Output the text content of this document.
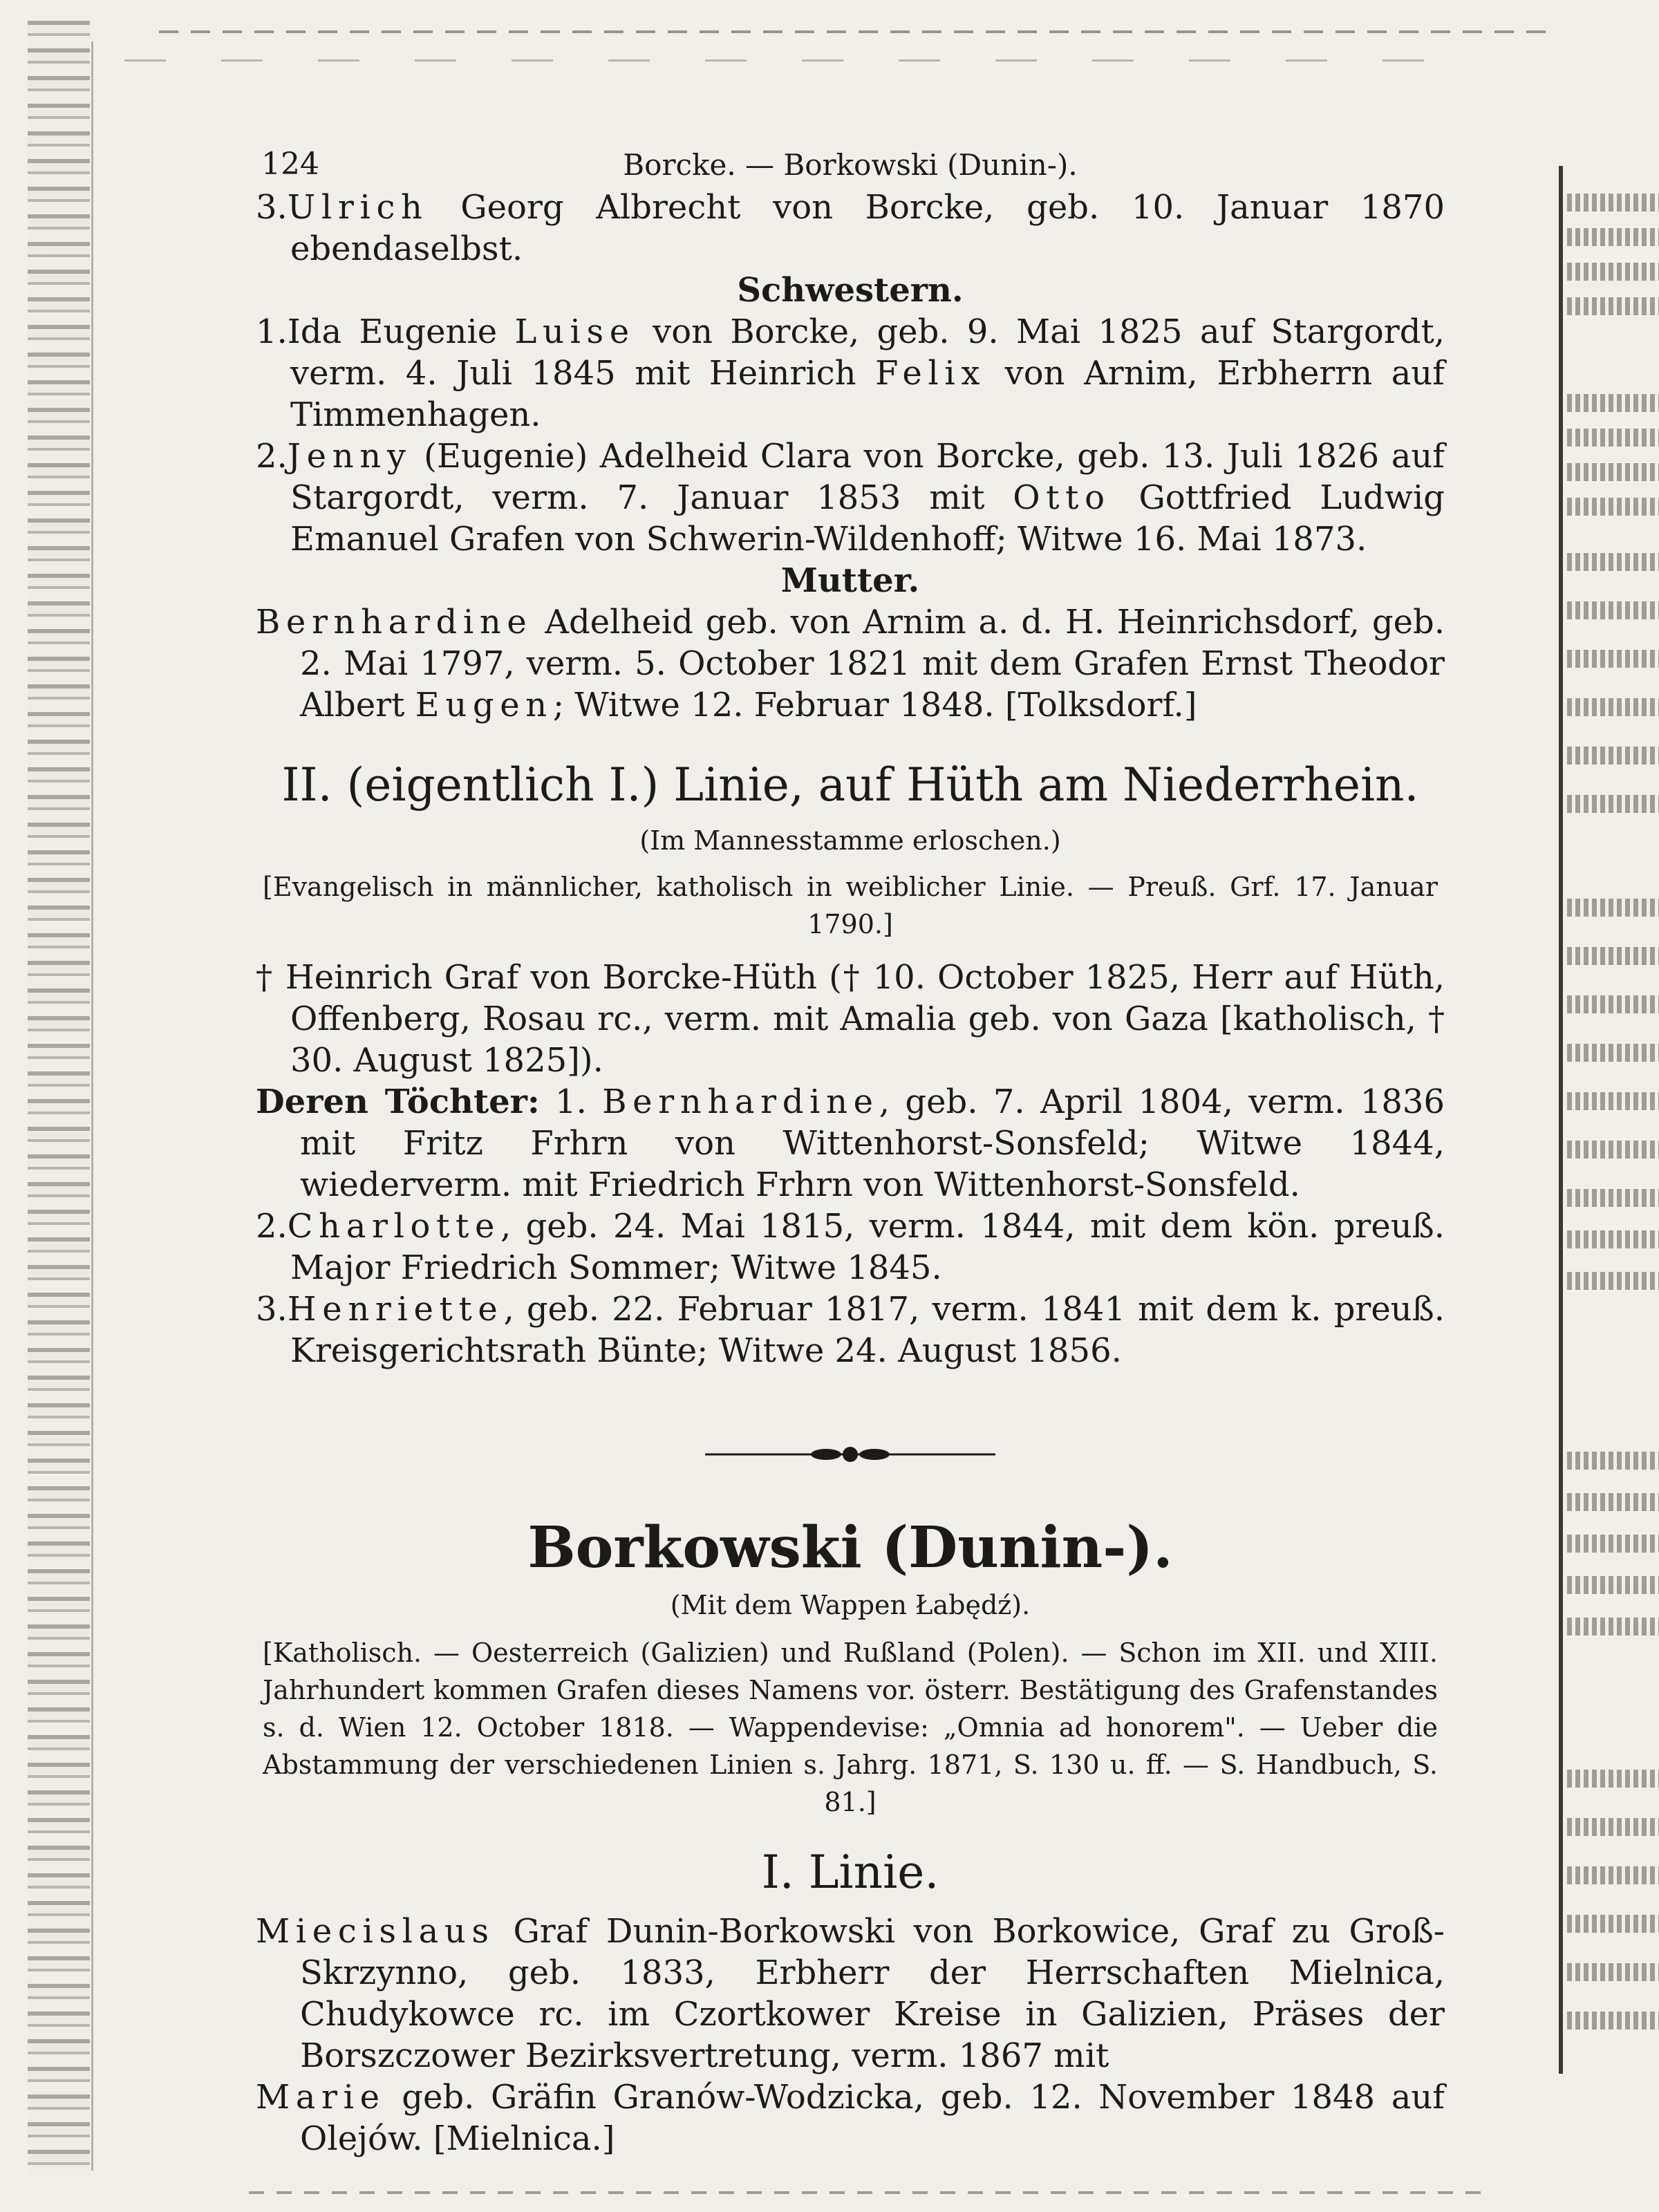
124	Borcke. — Borkowski (Dunin-).
3.Ulrich Georg Albrecht von Borcke, geb. 10. Januar 1870 ebendaselbst.
Schwestern.
1.Ida Eugenie Luise von Borcke, geb. 9. Mai 1825 auf Stargordt, verm. 4. Juli 1845 mit Heinrich Felix von Arnim, Erbherrn auf Timmenhagen.
2.Jenny (Eugenie) Adelheid Clara von Borcke, geb. 13. Juli 1826 auf Stargordt, verm. 7. Januar 1853 mit Otto Gottfried Ludwig Emanuel Grafen von Schwerin-Wildenhoff; Witwe 16. Mai 1873.
Mutter.
Bernhardine Adelheid geb. von Arnim a. d. H. Heinrichsdorf, geb. 2. Mai 1797, verm. 5. October 1821 mit dem Grafen Ernst Theodor Albert Eugen; Witwe 12. Februar 1848. [Tolksdorf.]
II. (eigentlich I.) Linie, auf Hüth am Niederrhein.
(Im Mannesstamme erloschen.)
[Evangelisch in männlicher, katholisch in weiblicher Linie. — Preuß. Grf. 17. Januar 1790.]
† Heinrich Graf von Borcke-Hüth († 10. October 1825, Herr auf Hüth, Offenberg, Rosau rc., verm. mit Amalia geb. von Gaza [katholisch, † 30. August 1825]).
Deren Töchter: 1. Bernhardine, geb. 7. April 1804, verm. 1836 mit Fritz Frhrn von Wittenhorst-Sonsfeld; Witwe 1844, wiederverm. mit Friedrich Frhrn von Wittenhorst-Sonsfeld.
2.Charlotte, geb. 24. Mai 1815, verm. 1844, mit dem kön. preuß. Major Friedrich Sommer; Witwe 1845.
3.Henriette, geb. 22. Februar 1817, verm. 1841 mit dem k. preuß. Kreisgerichtsrath Bünte; Witwe 24. August 1856.
Borkowski (Dunin-).
(Mit dem Wappen Łabędź).
[Katholisch. — Oesterreich (Galizien) und Rußland (Polen). — Schon im XII. und XIII. Jahrhundert kommen Grafen dieses Namens vor. österr. Bestätigung des Grafenstandes s. d. Wien 12. October 1818. — Wappendevise: „Omnia ad honorem". — Ueber die Abstammung der verschiedenen Linien s. Jahrg. 1871, S. 130 u. ff. — S. Handbuch, S. 81.]
I. Linie.
Miecislaus Graf Dunin-Borkowski von Borkowice, Graf zu Groß-Skrzynno, geb. 1833, Erbherr der Herrschaften Mielnica, Chudykowce rc. im Czortkower Kreise in Galizien, Präses der Borszczower Bezirksvertretung, verm. 1867 mit
Marie geb. Gräfin Granów-Wodzicka, geb. 12. November 1848 auf Olejów. [Mielnica.]
